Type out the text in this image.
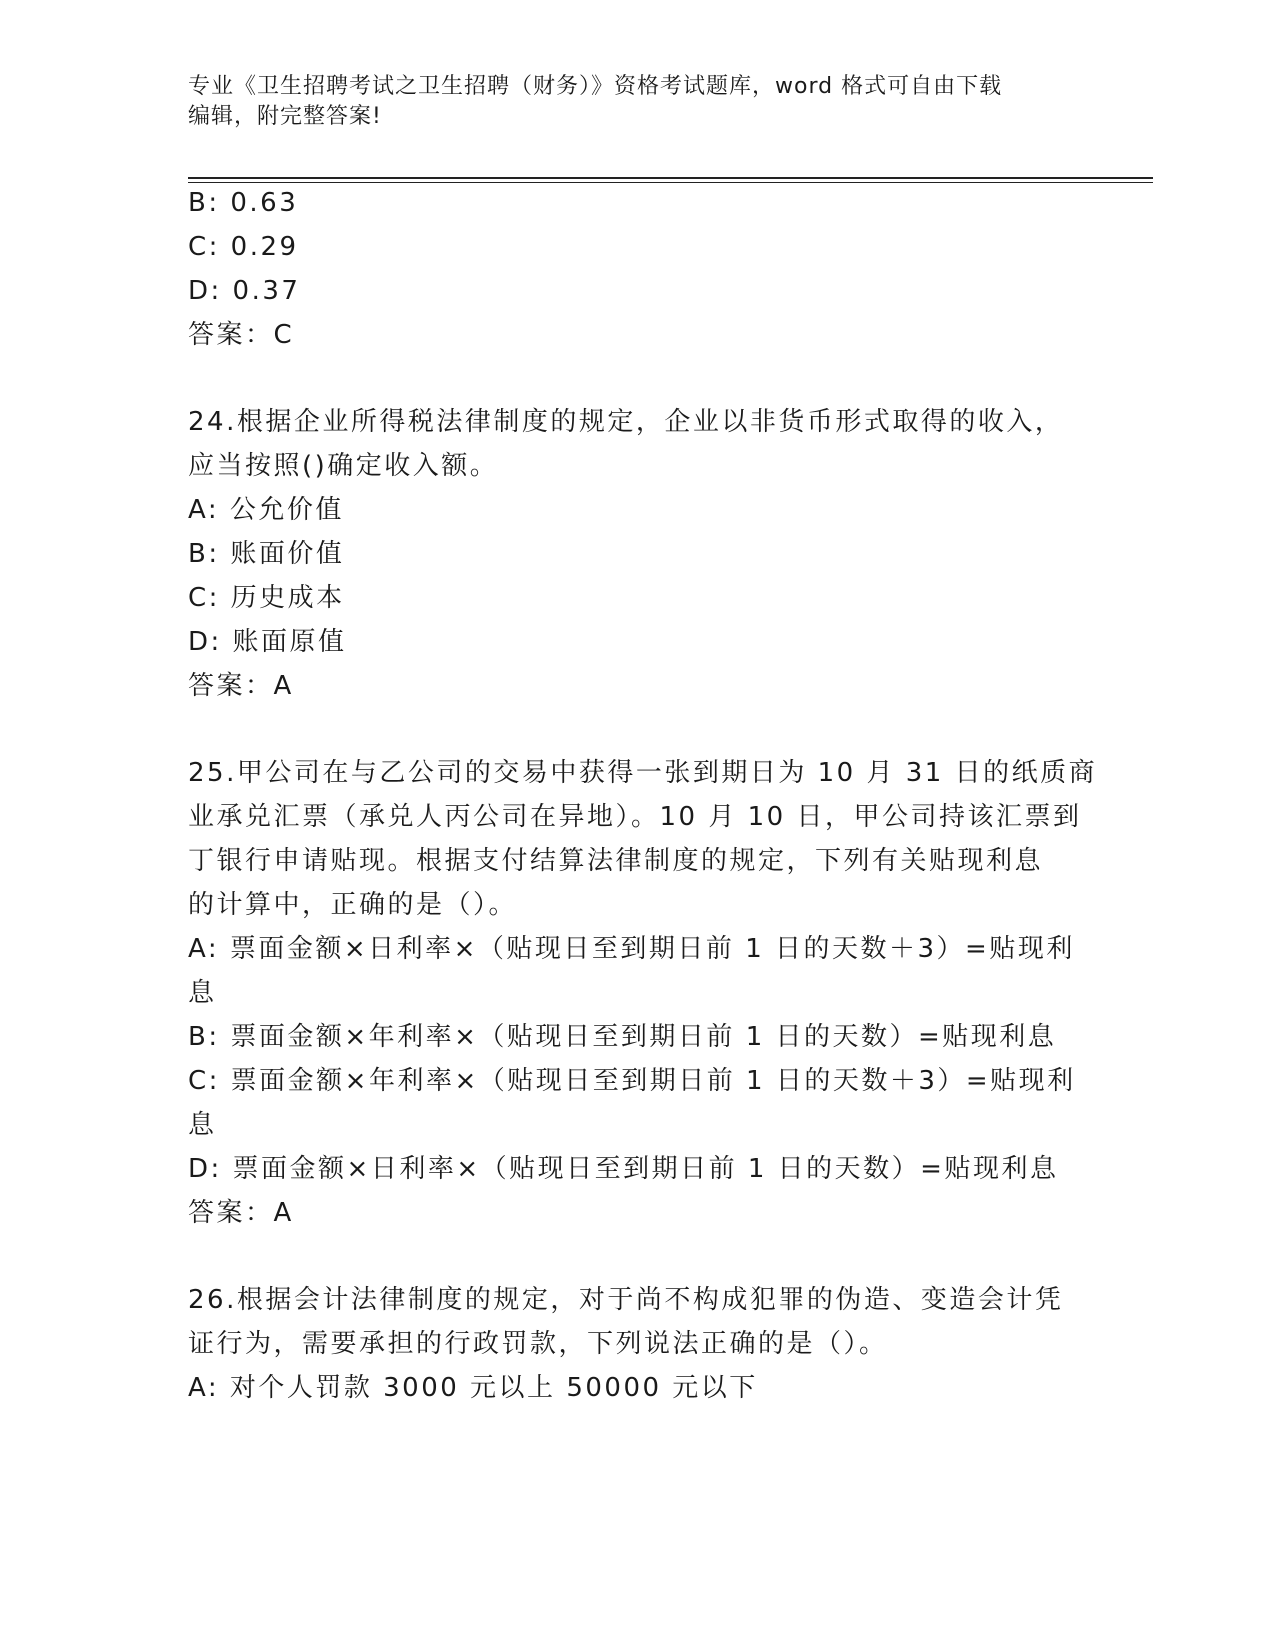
专业《卫生招聘考试之卫生招聘（财务）》资格考试题库，word 格式可自由下载
编辑，附完整答案!
B: 0.63
C: 0.29
D: 0.37
答案：C
24.根据企业所得税法律制度的规定，企业以非货币形式取得的收入，
应当按照()确定收入额。
A: 公允价值
B: 账面价值
C: 历史成本
D: 账面原值
答案：A
25.甲公司在与乙公司的交易中获得一张到期日为 10 月 31 日的纸质商
业承兑汇票（承兑人丙公司在异地）。10 月 10 日，甲公司持该汇票到
丁银行申请贴现。根据支付结算法律制度的规定，下列有关贴现利息
的计算中，正确的是（）。
A: 票面金额×日利率×（贴现日至到期日前 1 日的天数＋3）=贴现利
息
B: 票面金额×年利率×（贴现日至到期日前 1 日的天数）=贴现利息
C: 票面金额×年利率×（贴现日至到期日前 1 日的天数＋3）=贴现利
息
D: 票面金额×日利率×（贴现日至到期日前 1 日的天数）=贴现利息
答案：A
26.根据会计法律制度的规定，对于尚不构成犯罪的伪造、变造会计凭
证行为，需要承担的行政罚款，下列说法正确的是（）。
A: 对个人罚款 3000 元以上 50000 元以下
